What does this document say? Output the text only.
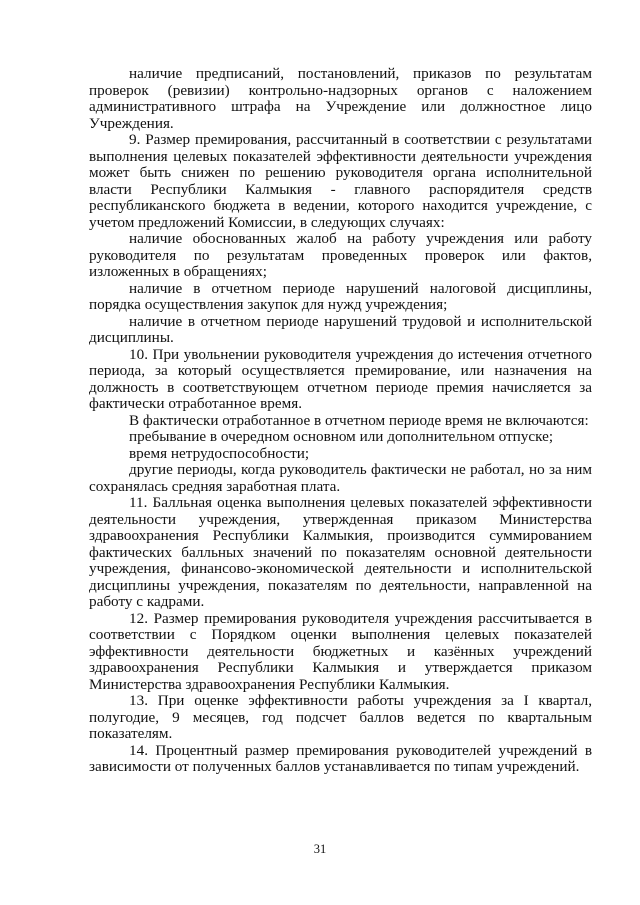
наличие предписаний, постановлений, приказов по результатам проверок (ревизии) контрольно-надзорных органов с наложением административного штрафа на Учреждение или должностное лицо Учреждения.

9. Размер премирования, рассчитанный в соответствии с результатами выполнения целевых показателей эффективности деятельности учреждения может быть снижен по решению руководителя органа исполнительной власти Республики Калмыкия - главного распорядителя средств республиканского бюджета в ведении, которого находится учреждение, с учетом предложений Комиссии, в следующих случаях:

наличие обоснованных жалоб на работу учреждения или работу руководителя по результатам проведенных проверок или фактов, изложенных в обращениях;

наличие в отчетном периоде нарушений налоговой дисциплины, порядка осуществления закупок для нужд учреждения;

наличие в отчетном периоде нарушений трудовой и исполнительской дисциплины.

10. При увольнении руководителя учреждения до истечения отчетного периода, за который осуществляется премирование, или назначения на должность в соответствующем отчетном периоде премия начисляется за фактически отработанное время.

В фактически отработанное в отчетном периоде время не включаются:

пребывание в очередном основном или дополнительном отпуске;

время нетрудоспособности;

другие периоды, когда руководитель фактически не работал, но за ним сохранялась средняя заработная плата.

11. Балльная оценка выполнения целевых показателей эффективности деятельности учреждения, утвержденная приказом Министерства здравоохранения Республики Калмыкия, производится суммированием фактических балльных значений по показателям основной деятельности учреждения, финансово-экономической деятельности и исполнительской дисциплины учреждения, показателям по деятельности, направленной на работу с кадрами.

12. Размер премирования руководителя учреждения рассчитывается в соответствии с Порядком оценки выполнения целевых показателей эффективности деятельности бюджетных и казённых учреждений здравоохранения Республики Калмыкия и утверждается приказом Министерства здравоохранения Республики Калмыкия.

13. При оценке эффективности работы учреждения за I квартал, полугодие, 9 месяцев, год подсчет баллов ведется по квартальным показателям.

14. Процентный размер премирования руководителей учреждений в зависимости от полученных баллов устанавливается по типам учреждений.

31
